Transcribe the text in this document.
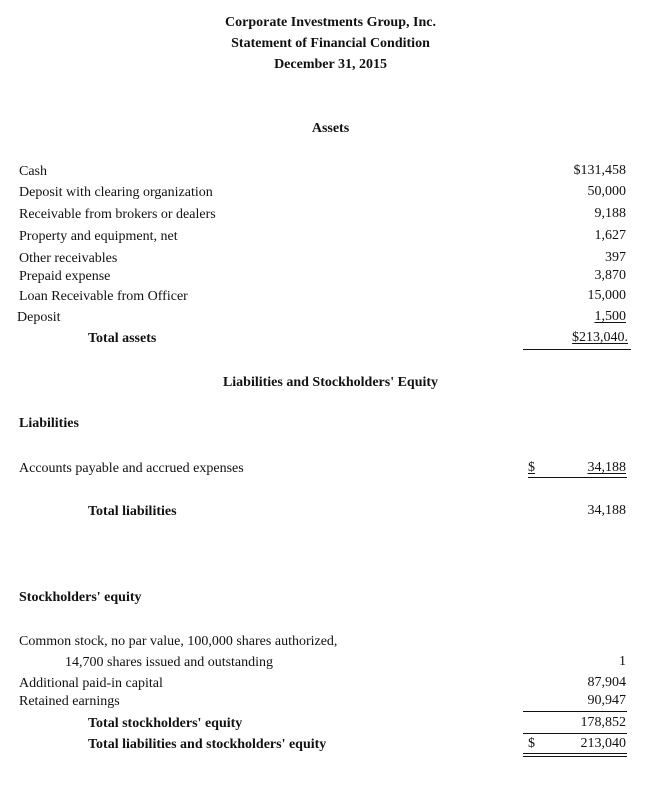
Corporate Investments Group, Inc.
Statement of Financial Condition
December 31, 2015
Assets
Cash	$131,458
Deposit with clearing organization	50,000
Receivable from brokers or dealers	9,188
Property and equipment, net	1,627
Other receivables	397
Prepaid expense	3,870
Loan Receivable from Officer	15,000
Deposit	1,500
Total assets	$213,040.
Liabilities and Stockholders' Equity
Liabilities
Accounts payable and accrued expenses	$	34,188
Total liabilities	34,188
Stockholders' equity
Common stock, no par value, 100,000 shares authorized,
14,700 shares issued and outstanding	1
Additional paid-in capital	87,904
Retained earnings	90,947
Total stockholders' equity	178,852
Total liabilities and stockholders' equity	$	213,040
